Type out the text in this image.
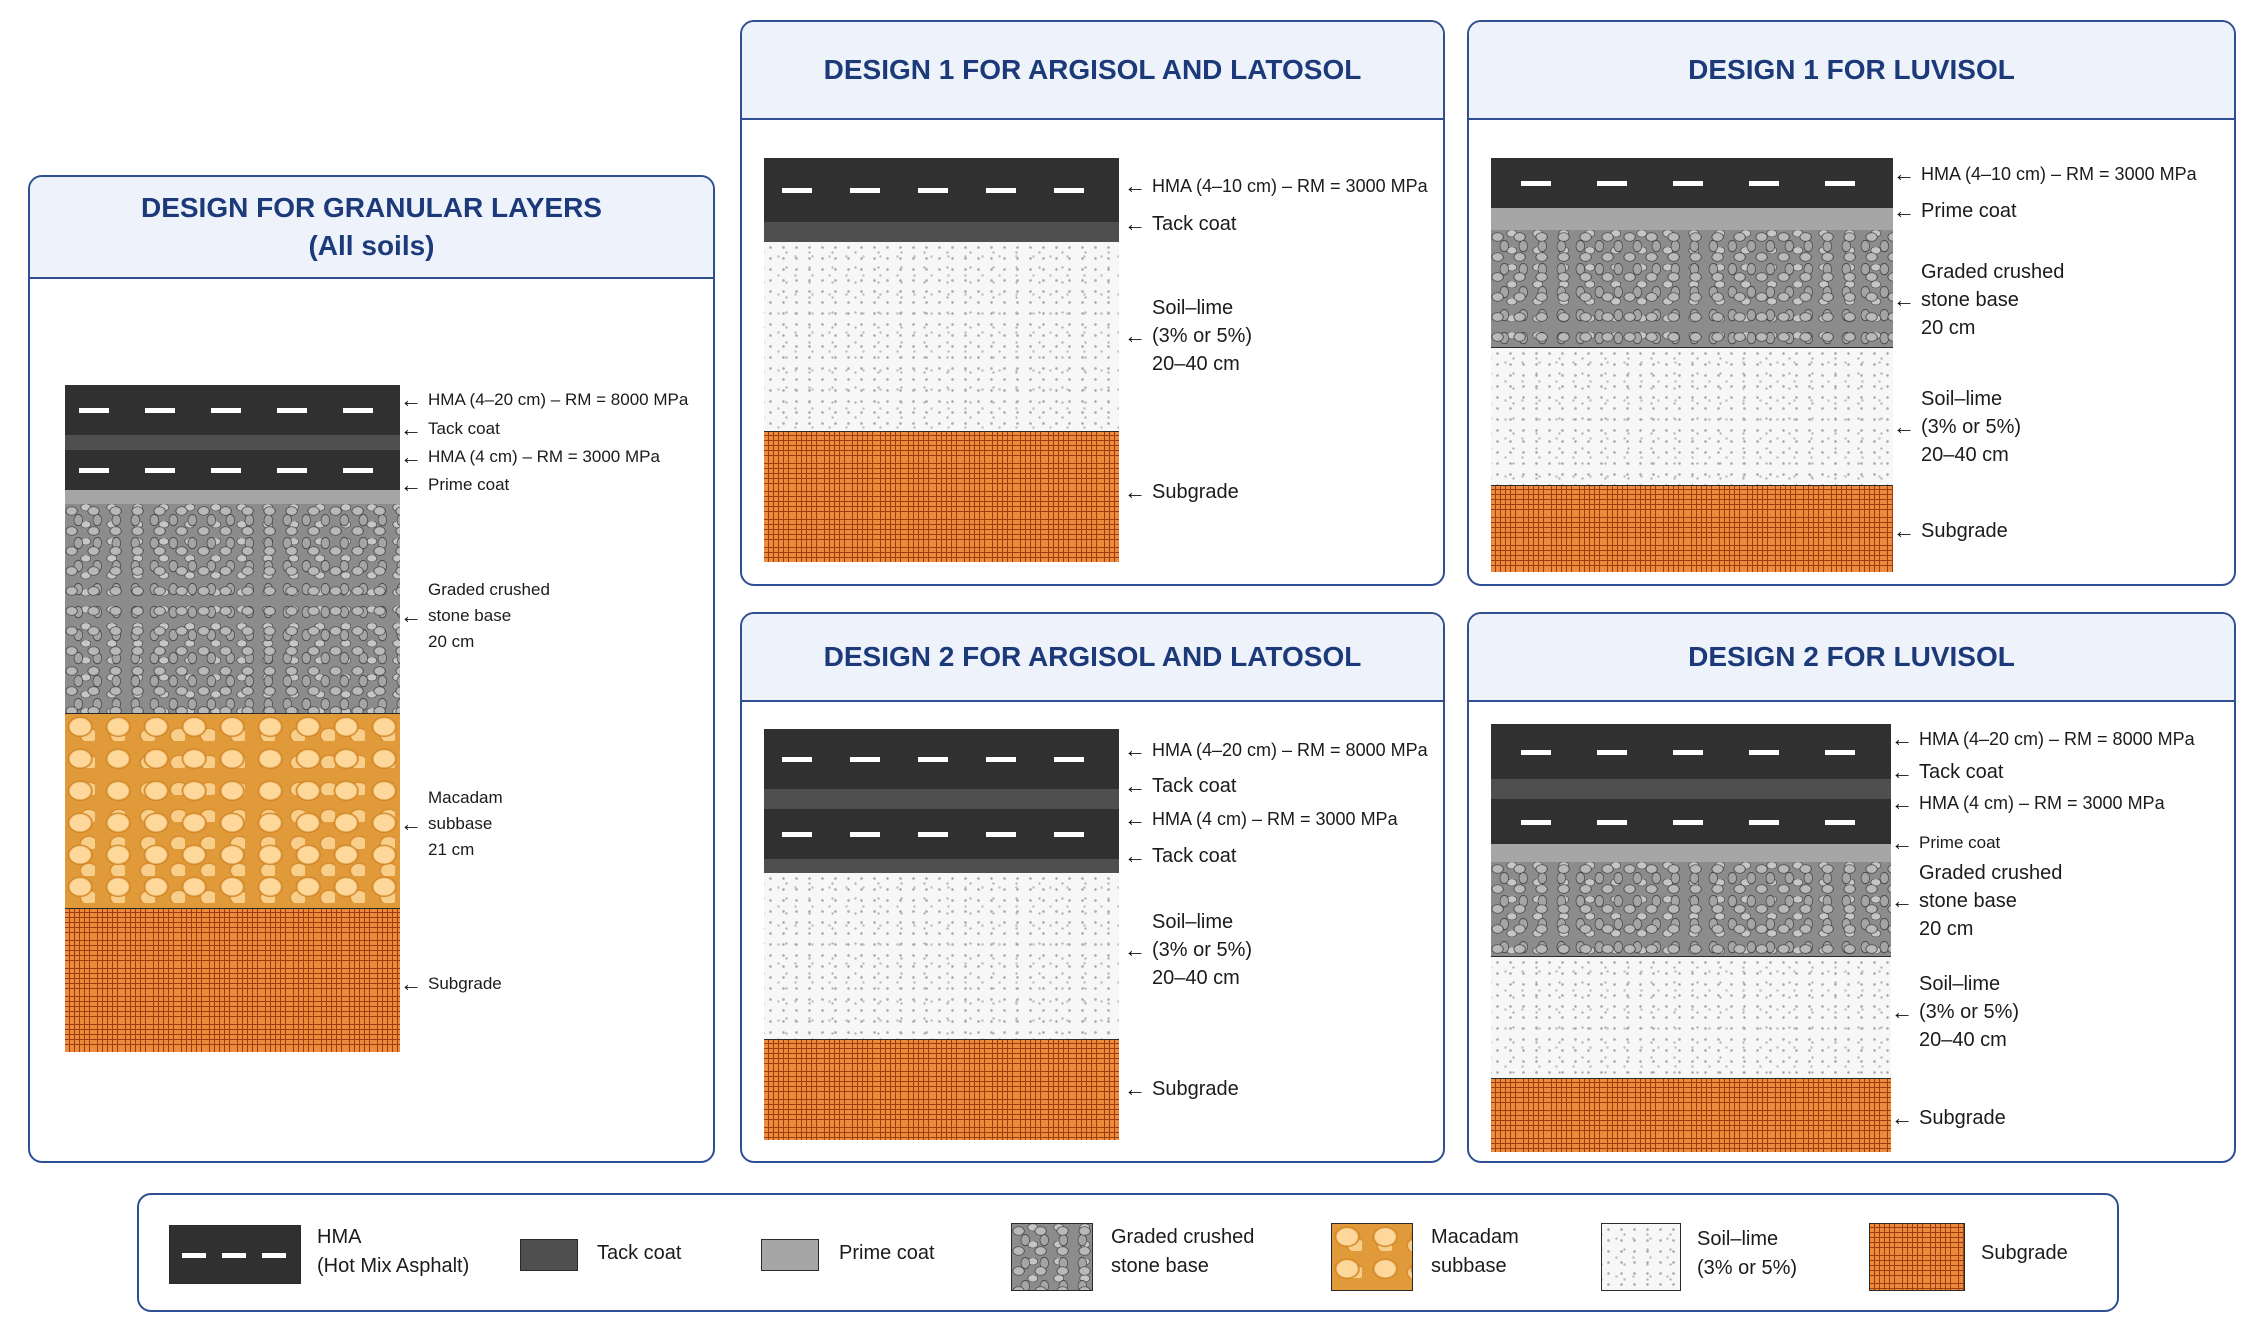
DESIGN FOR GRANULAR LAYERS
(All soils)
← HMA (4–20 cm) – RM = 8000 MPa
← Tack coat
← HMA (4 cm) – RM = 3000 MPa
← Prime coat
←
Graded crushed
stone base
20 cm
←
Macadam
subbase
21 cm
← Subgrade
DESIGN 1 FOR ARGISOL AND LATOSOL
← HMA (4–10 cm) – RM = 3000 MPa
← Tack coat
←
Soil–lime
(3% or 5%)
20–40 cm
← Subgrade
DESIGN 1 FOR LUVISOL
← HMA (4–10 cm) – RM = 3000 MPa
← Prime coat
←
Graded crushed
stone base
20 cm
←
Soil–lime
(3% or 5%)
20–40 cm
← Subgrade
DESIGN 2 FOR ARGISOL AND LATOSOL
← HMA (4–20 cm) – RM = 8000 MPa
← Tack coat
← HMA (4 cm) – RM = 3000 MPa
← Tack coat
←
Soil–lime
(3% or 5%)
20–40 cm
← Subgrade
DESIGN 2 FOR LUVISOL
← HMA (4–20 cm) – RM = 8000 MPa
← Tack coat
← HMA (4 cm) – RM = 3000 MPa
← Prime coat
←
Graded crushed
stone base
20 cm
←
Soil–lime
(3% or 5%)
20–40 cm
← Subgrade
HMA
(Hot Mix Asphalt)
Tack coat	Prime coat
Graded crushed
stone base
Macadam
subbase
Soil–lime
(3% or 5%)
Subgrade
